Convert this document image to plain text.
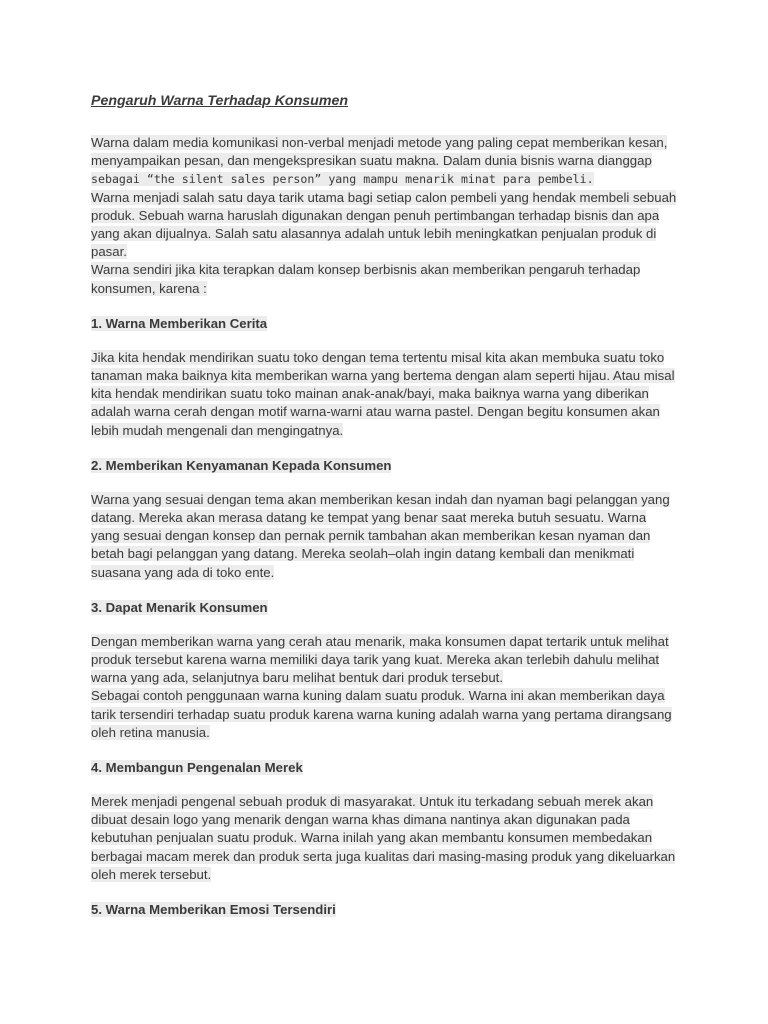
Pengaruh Warna Terhadap Konsumen
Warna dalam media komunikasi non-verbal menjadi metode yang paling cepat memberikan kesan,
menyampaikan pesan, dan mengekspresikan suatu makna. Dalam dunia bisnis warna dianggap
sebagai “the silent sales person” yang mampu menarik minat para pembeli.
Warna menjadi salah satu daya tarik utama bagi setiap calon pembeli yang hendak membeli sebuah
produk. Sebuah warna haruslah digunakan dengan penuh pertimbangan terhadap bisnis dan apa
yang akan dijualnya. Salah satu alasannya adalah untuk lebih meningkatkan penjualan produk di
pasar.
Warna sendiri jika kita terapkan dalam konsep berbisnis akan memberikan pengaruh terhadap
konsumen, karena :
1. Warna Memberikan Cerita
Jika kita hendak mendirikan suatu toko dengan tema tertentu misal kita akan membuka suatu toko
tanaman maka baiknya kita memberikan warna yang bertema dengan alam seperti hijau. Atau misal
kita hendak mendirikan suatu toko mainan anak-anak/bayi, maka baiknya warna yang diberikan
adalah warna cerah dengan motif warna-warni atau warna pastel. Dengan begitu konsumen akan
lebih mudah mengenali dan mengingatnya.
2. Memberikan Kenyamanan Kepada Konsumen
Warna yang sesuai dengan tema akan memberikan kesan indah dan nyaman bagi pelanggan yang
datang. Mereka akan merasa datang ke tempat yang benar saat mereka butuh sesuatu. Warna
yang sesuai dengan konsep dan pernak pernik tambahan akan memberikan kesan nyaman dan
betah bagi pelanggan yang datang. Mereka seolah–olah ingin datang kembali dan menikmati
suasana yang ada di toko ente.
3. Dapat Menarik Konsumen
Dengan memberikan warna yang cerah atau menarik, maka konsumen dapat tertarik untuk melihat
produk tersebut karena warna memiliki daya tarik yang kuat. Mereka akan terlebih dahulu melihat
warna yang ada, selanjutnya baru melihat bentuk dari produk tersebut.
Sebagai contoh penggunaan warna kuning dalam suatu produk. Warna ini akan memberikan daya
tarik tersendiri terhadap suatu produk karena warna kuning adalah warna yang pertama dirangsang
oleh retina manusia.
4. Membangun Pengenalan Merek
Merek menjadi pengenal sebuah produk di masyarakat. Untuk itu terkadang sebuah merek akan
dibuat desain logo yang menarik dengan warna khas dimana nantinya akan digunakan pada
kebutuhan penjualan suatu produk. Warna inilah yang akan membantu konsumen membedakan
berbagai macam merek dan produk serta juga kualitas dari masing-masing produk yang dikeluarkan
oleh merek tersebut.
5. Warna Memberikan Emosi Tersendiri
